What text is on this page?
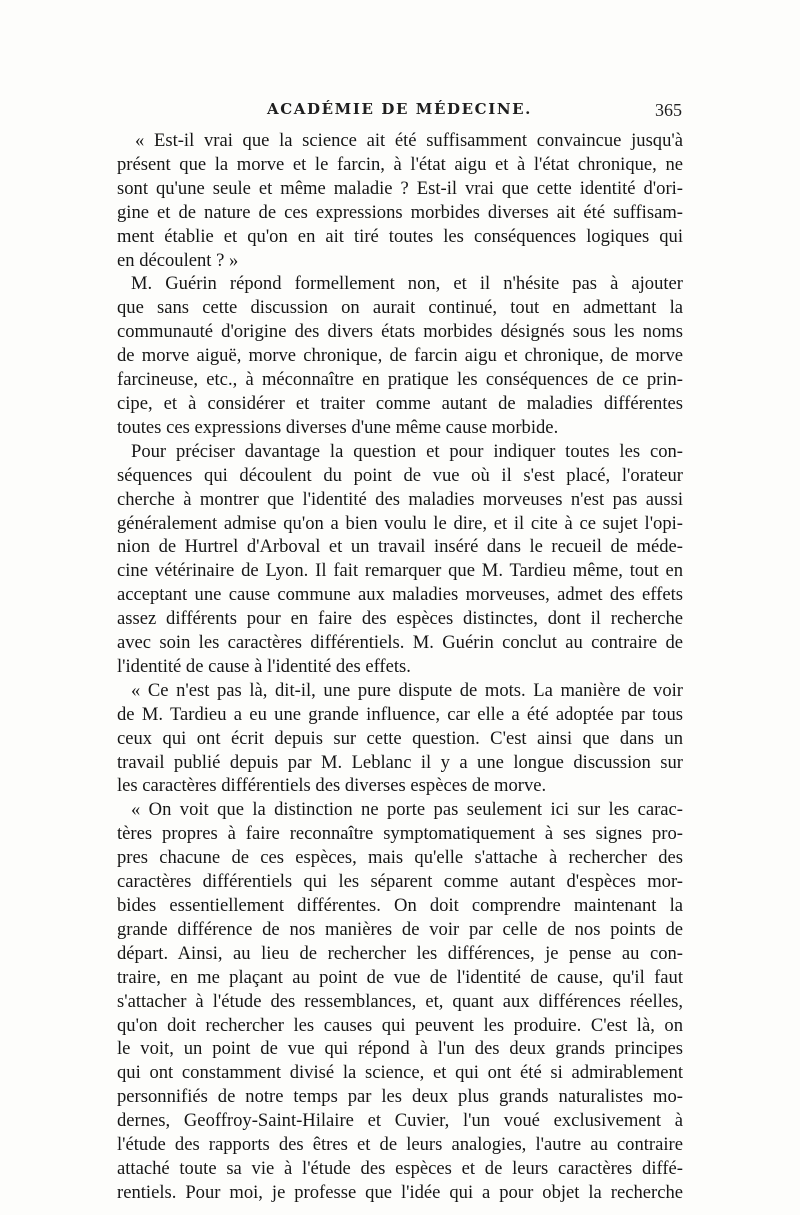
ACADÉMIE DE MÉDECINE.	365
« Est-il vrai que la science ait été suffisamment convaincue jusqu'à
présent que la morve et le farcin, à l'état aigu et à l'état chronique, ne
sont qu'une seule et même maladie ? Est-il vrai que cette identité d'ori-
gine et de nature de ces expressions morbides diverses ait été suffisam-
ment établie et qu'on en ait tiré toutes les conséquences logiques qui
en découlent ? »
M. Guérin répond formellement non, et il n'hésite pas à ajouter
que sans cette discussion on aurait continué, tout en admettant la
communauté d'origine des divers états morbides désignés sous les noms
de morve aiguë, morve chronique, de farcin aigu et chronique, de morve
farcineuse, etc., à méconnaître en pratique les conséquences de ce prin-
cipe, et à considérer et traiter comme autant de maladies différentes
toutes ces expressions diverses d'une même cause morbide.
Pour préciser davantage la question et pour indiquer toutes les con-
séquences qui découlent du point de vue où il s'est placé, l'orateur
cherche à montrer que l'identité des maladies morveuses n'est pas aussi
généralement admise qu'on a bien voulu le dire, et il cite à ce sujet l'opi-
nion de Hurtrel d'Arboval et un travail inséré dans le recueil de méde-
cine vétérinaire de Lyon. Il fait remarquer que M. Tardieu même, tout en
acceptant une cause commune aux maladies morveuses, admet des effets
assez différents pour en faire des espèces distinctes, dont il recherche
avec soin les caractères différentiels. M. Guérin conclut au contraire de
l'identité de cause à l'identité des effets.
« Ce n'est pas là, dit-il, une pure dispute de mots. La manière de voir
de M. Tardieu a eu une grande influence, car elle a été adoptée par tous
ceux qui ont écrit depuis sur cette question. C'est ainsi que dans un
travail publié depuis par M. Leblanc il y a une longue discussion sur
les caractères différentiels des diverses espèces de morve.
« On voit que la distinction ne porte pas seulement ici sur les carac-
tères propres à faire reconnaître symptomatiquement à ses signes pro-
pres chacune de ces espèces, mais qu'elle s'attache à rechercher des
caractères différentiels qui les séparent comme autant d'espèces mor-
bides essentiellement différentes. On doit comprendre maintenant la
grande différence de nos manières de voir par celle de nos points de
départ. Ainsi, au lieu de rechercher les différences, je pense au con-
traire, en me plaçant au point de vue de l'identité de cause, qu'il faut
s'attacher à l'étude des ressemblances, et, quant aux différences réelles,
qu'on doit rechercher les causes qui peuvent les produire. C'est là, on
le voit, un point de vue qui répond à l'un des deux grands principes
qui ont constamment divisé la science, et qui ont été si admirablement
personnifiés de notre temps par les deux plus grands naturalistes mo-
dernes, Geoffroy-Saint-Hilaire et Cuvier, l'un voué exclusivement à
l'étude des rapports des êtres et de leurs analogies, l'autre au contraire
attaché toute sa vie à l'étude des espèces et de leurs caractères diffé-
rentiels. Pour moi, je professe que l'idée qui a pour objet la recherche
